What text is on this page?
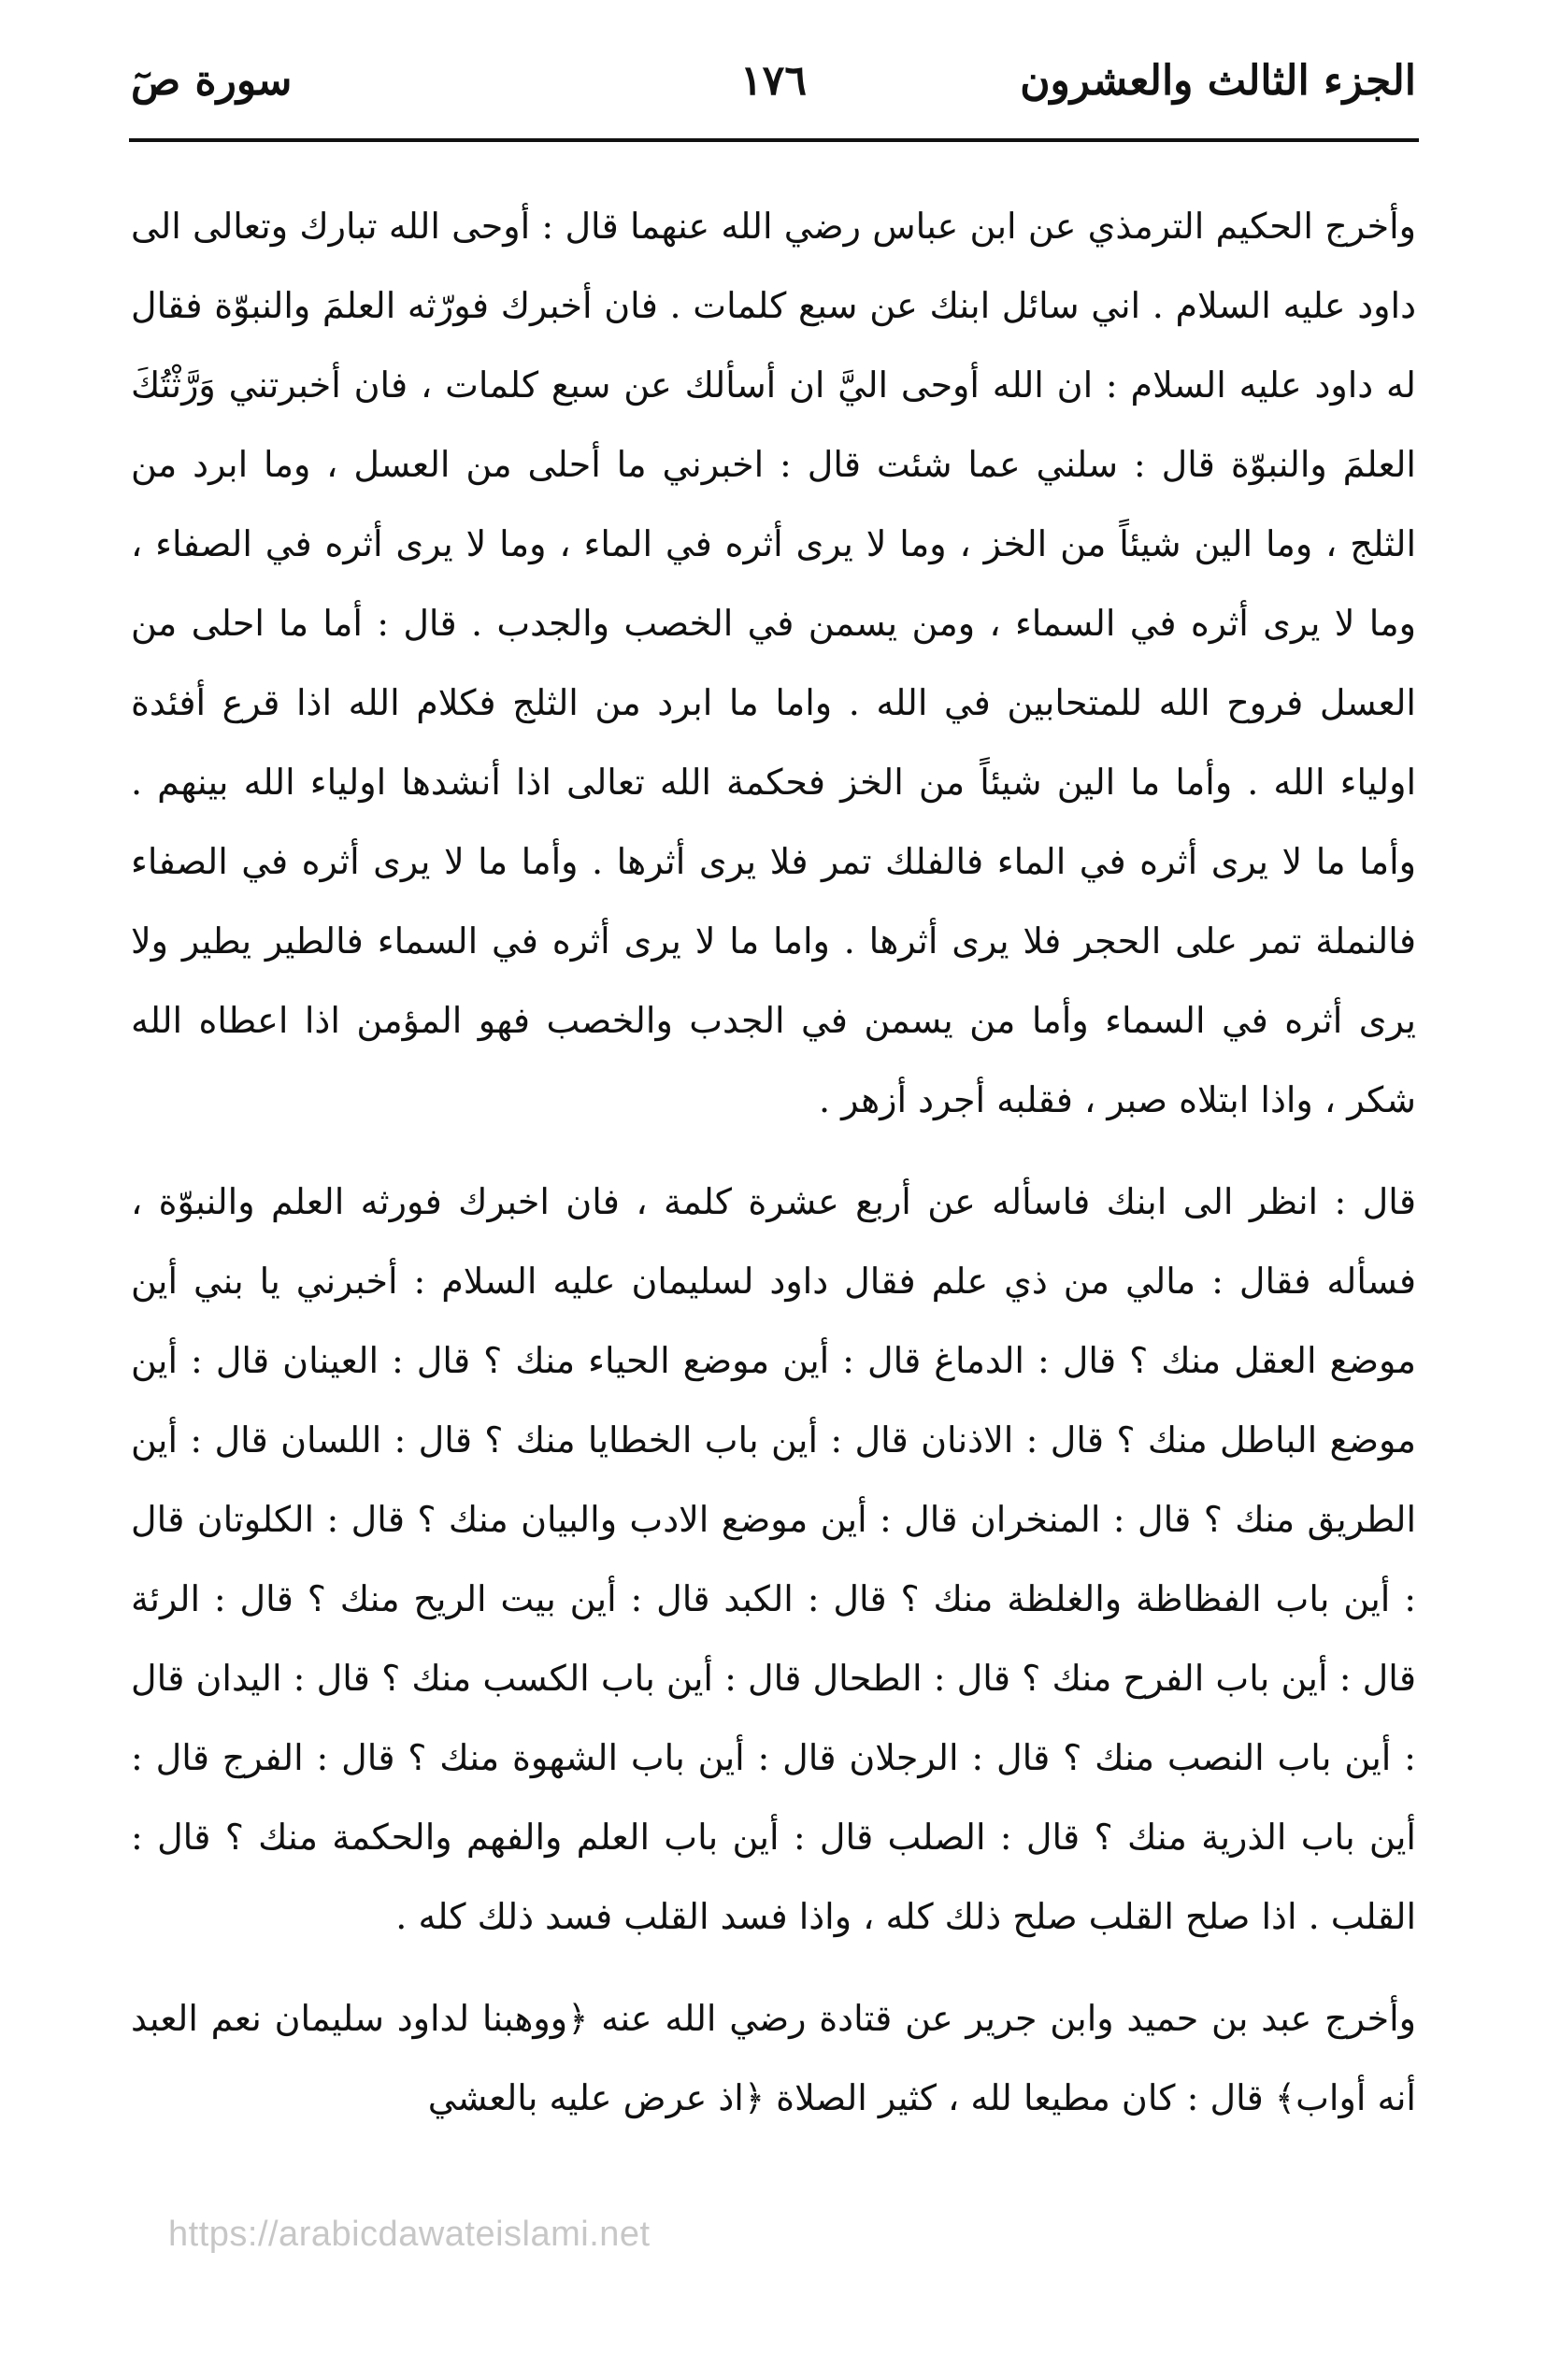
الجزء الثالث والعشرون
١٧٦
سورة صٓ

وأخرج الحكيم الترمذي عن ابن عباس رضي الله عنهما قال : أوحى الله تبارك وتعالى الى داود عليه السلام . اني سائل ابنك عن سبع كلمات . فان أخبرك فورّثه العلمَ والنبوّة فقال له داود عليه السلام : ان الله أوحى اليَّ ان أسألك عن سبع كلمات ، فان أخبرتني وَرَّثْتُكَ العلمَ والنبوّة قال : سلني عما شئت قال : اخبرني ما أحلى من العسل ، وما ابرد من الثلج ، وما الين شيئاً من الخز ، وما لا يرى أثره في الماء ، وما لا يرى أثره في الصفاء ، وما لا يرى أثره في السماء ، ومن يسمن في الخصب والجدب . قال : أما ما احلى من العسل فروح الله للمتحابين في الله . واما ما ابرد من الثلج فكلام الله اذا قرع أفئدة اولياء الله . وأما ما الين شيئاً من الخز فحكمة الله تعالى اذا أنشدها اولياء الله بينهم . وأما ما لا يرى أثره في الماء فالفلك تمر فلا يرى أثرها . وأما ما لا يرى أثره في الصفاء فالنملة تمر على الحجر فلا يرى أثرها . واما ما لا يرى أثره في السماء فالطير يطير ولا يرى أثره في السماء وأما من يسمن في الجدب والخصب فهو المؤمن اذا اعطاه الله شكر ، واذا ابتلاه صبر ، فقلبه أجرد أزهر .

قال : انظر الى ابنك فاسأله عن أربع عشرة كلمة ، فان اخبرك فورثه العلم والنبوّة ، فسأله فقال : مالي من ذي علم فقال داود لسليمان عليه السلام : أخبرني يا بني أين موضع العقل منك ؟ قال : الدماغ قال : أين موضع الحياء منك ؟ قال : العينان قال : أين موضع الباطل منك ؟ قال : الاذنان قال : أين باب الخطايا منك ؟ قال : اللسان قال : أين الطريق منك ؟ قال : المنخران قال : أين موضع الادب والبيان منك ؟ قال : الكلوتان قال : أين باب الفظاظة والغلظة منك ؟ قال : الكبد قال : أين بيت الريح منك ؟ قال : الرئة قال : أين باب الفرح منك ؟ قال : الطحال قال : أين باب الكسب منك ؟ قال : اليدان قال : أين باب النصب منك ؟ قال : الرجلان قال : أين باب الشهوة منك ؟ قال : الفرج قال : أين باب الذرية منك ؟ قال : الصلب قال : أين باب العلم والفهم والحكمة منك ؟ قال : القلب . اذا صلح القلب صلح ذلك كله ، واذا فسد القلب فسد ذلك كله .

وأخرج عبد بن حميد وابن جرير عن قتادة رضي الله عنه ﴿ووهبنا لداود سليمان نعم العبد أنه أواب﴾ قال : كان مطيعا لله ، كثير الصلاة ﴿اذ عرض عليه بالعشي

https://arabicdawateislami.net
